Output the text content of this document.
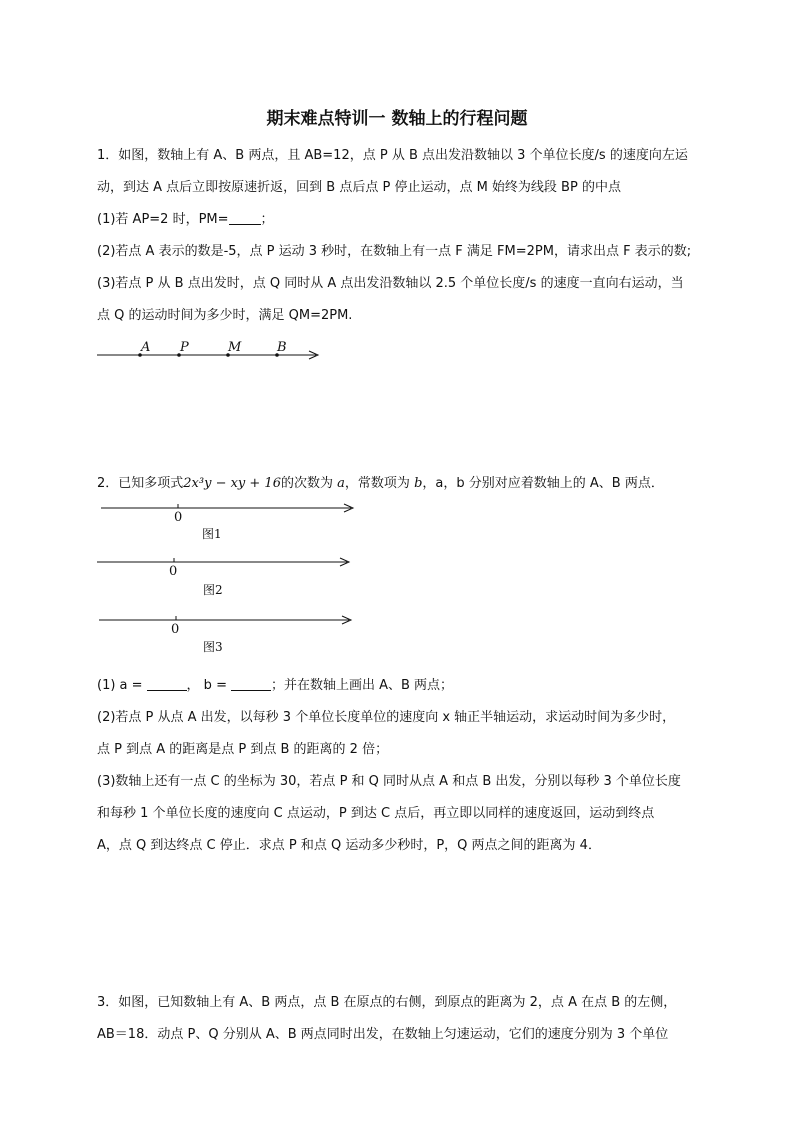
期末难点特训一 数轴上的行程问题
1．如图，数轴上有 A、B 两点，且 AB=12，点 P 从 B 点出发沿数轴以 3 个单位长度/s 的速度向左运
动，到达 A 点后立即按原速折返，回到 B 点后点 P 停止运动，点 M 始终为线段 BP 的中点
(1)若 AP=2 时，PM= ；
(2)若点 A 表示的数是-5，点 P 运动 3 秒时，在数轴上有一点 F 满足 FM=2PM，请求出点 F 表示的数;
(3)若点 P 从 B 点出发时，点 Q 同时从 A 点出发沿数轴以 2.5 个单位长度/s 的速度一直向右运动，当
点 Q 的运动时间为多少时，满足 QM=2PM.
A P	M	B
0
图1
0
图2
0
图3
2．已知多项式2x³y − xy + 16的次数为 a，常数项为 b，a，b 分别对应着数轴上的 A、B 两点．
(1) a =	， b =	；并在数轴上画出 A、B 两点；
(2)若点 P 从点 A 出发，以每秒 3 个单位长度单位的速度向 x 轴正半轴运动，求运动时间为多少时，
点 P 到点 A 的距离是点 P 到点 B 的距离的 2 倍；
(3)数轴上还有一点 C 的坐标为 30，若点 P 和 Q 同时从点 A 和点 B 出发，分别以每秒 3 个单位长度
和每秒 1 个单位长度的速度向 C 点运动，P 到达 C 点后，再立即以同样的速度返回，运动到终点
A，点 Q 到达终点 C 停止．求点 P 和点 Q 运动多少秒时，P，Q 两点之间的距离为 4．
3．如图，已知数轴上有 A、B 两点，点 B 在原点的右侧，到原点的距离为 2，点 A 在点 B 的左侧，
AB＝18．动点 P、Q 分别从 A、B 两点同时出发，在数轴上匀速运动，它们的速度分别为 3 个单位
